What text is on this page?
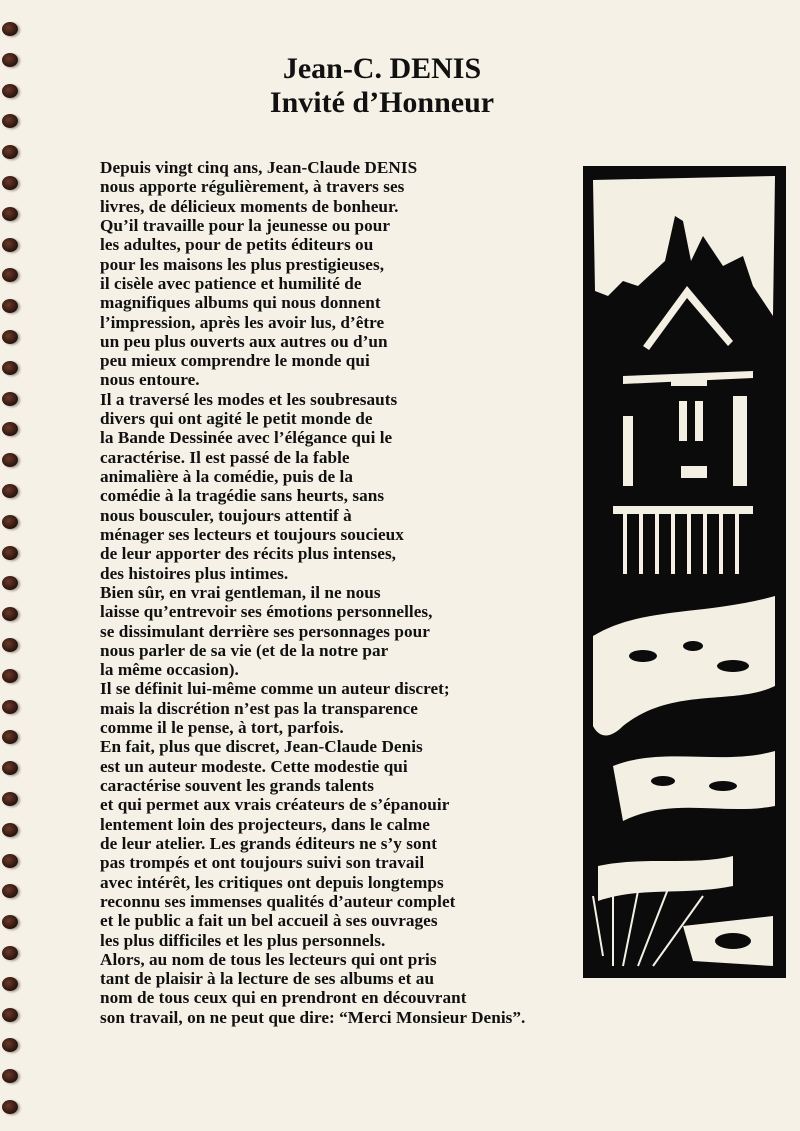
Jean-C. DENIS
Invité d’Honneur
Depuis vingt cinq ans, Jean-Claude DENIS
nous apporte régulièrement, à travers ses
livres, de délicieux moments de bonheur.
Qu’il travaille pour la jeunesse ou pour
les adultes, pour de petits éditeurs ou
pour les maisons les plus prestigieuses,
il cisèle avec patience et humilité de
magnifiques albums qui nous donnent
l’impression, après les avoir lus, d’être
un peu plus ouverts aux autres ou d’un
peu mieux comprendre le monde qui
nous entoure.
Il a traversé les modes et les soubresauts
divers qui ont agité le petit monde de
la Bande Dessinée avec l’élégance qui le
caractérise. Il est passé de la fable
animalière à la comédie, puis de la
comédie à la tragédie sans heurts, sans
nous bousculer, toujours attentif à
ménager ses lecteurs et toujours soucieux
de leur apporter des récits plus intenses,
des histoires plus intimes.
Bien sûr, en vrai gentleman, il ne nous
laisse qu’entrevoir ses émotions personnelles,
se dissimulant derrière ses personnages pour
nous parler de sa vie (et de la notre par
la même occasion).
Il se définit lui-même comme un auteur discret;
mais la discrétion n’est pas la transparence
comme il le pense, à tort, parfois.
En fait, plus que discret, Jean-Claude Denis
est un auteur modeste. Cette modestie qui
caractérise souvent les grands talents
et qui permet aux vrais créateurs de s’épanouir
lentement loin des projecteurs, dans le calme
de leur atelier. Les grands éditeurs ne s’y sont
pas trompés et ont toujours suivi son travail
avec intérêt, les critiques ont depuis longtemps
reconnu ses immenses qualités d’auteur complet
et le public a fait un bel accueil à ses ouvrages
les plus difficiles et les plus personnels.
Alors, au nom de tous les lecteurs qui ont pris
tant de plaisir à la lecture de ses albums et au
nom de tous ceux qui en prendront en découvrant
son travail, on ne peut que dire: “Merci Monsieur Denis”.
